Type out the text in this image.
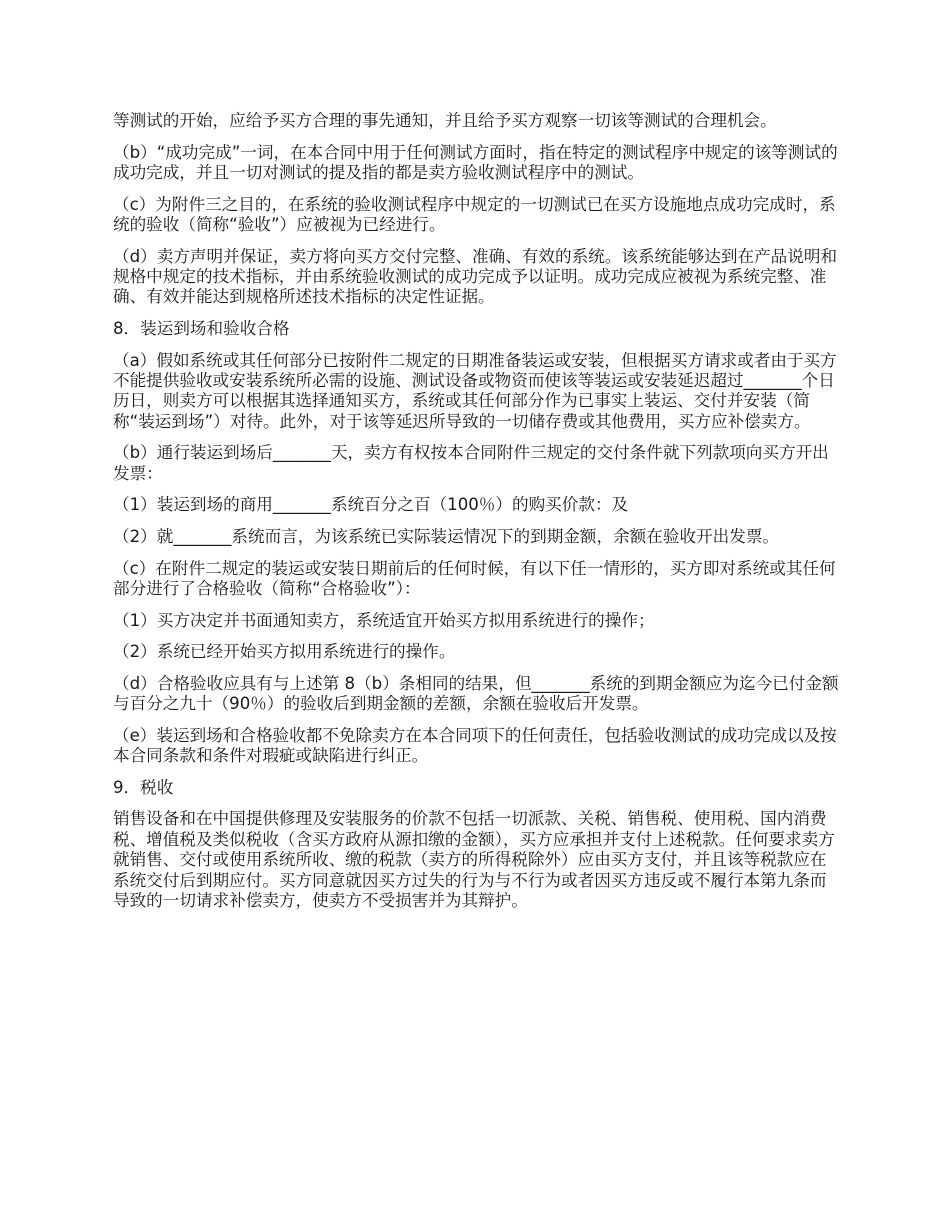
等测试的开始，应给予买方合理的事先通知，并且给予买方观察一切该等测试的合理机会。

（b）“成功完成”一词，在本合同中用于任何测试方面时，指在特定的测试程序中规定的该等测试的成功完成，并且一切对测试的提及指的都是卖方验收测试程序中的测试。

（c）为附件三之目的，在系统的验收测试程序中规定的一切测试已在买方设施地点成功完成时，系统的验收（简称“验收”）应被视为已经进行。

（d）卖方声明并保证，卖方将向买方交付完整、准确、有效的系统。该系统能够达到在产品说明和规格中规定的技术指标，并由系统验收测试的成功完成予以证明。成功完成应被视为系统完整、准确、有效并能达到规格所述技术指标的决定性证据。

8．装运到场和验收合格

（a）假如系统或其任何部分已按附件二规定的日期准备装运或安装，但根据买方请求或者由于买方不能提供验收或安装系统所必需的设施、测试设备或物资而使该等装运或安装延迟超过_______个日历日，则卖方可以根据其选择通知买方，系统或其任何部分作为已事实上装运、交付并安装（简称“装运到场”）对待。此外，对于该等延迟所导致的一切储存费或其他费用，买方应补偿卖方。

（b）通行装运到场后_______天，卖方有权按本合同附件三规定的交付条件就下列款项向买方开出发票：

（1）装运到场的商用_______系统百分之百（100％）的购买价款：及

（2）就_______系统而言，为该系统已实际装运情况下的到期金额，余额在验收开出发票。

（c）在附件二规定的装运或安装日期前后的任何时候，有以下任一情形的，买方即对系统或其任何部分进行了合格验收（简称“合格验收”）：

（1）买方决定并书面通知卖方，系统适宜开始买方拟用系统进行的操作；

（2）系统已经开始买方拟用系统进行的操作。

（d）合格验收应具有与上述第 8（b）条相同的结果，但_______系统的到期金额应为迄今已付金额与百分之九十（90％）的验收后到期金额的差额，余额在验收后开发票。

（e）装运到场和合格验收都不免除卖方在本合同项下的任何责任，包括验收测试的成功完成以及按本合同条款和条件对瑕疵或缺陷进行纠正。

9．税收

销售设备和在中国提供修理及安装服务的价款不包括一切派款、关税、销售税、使用税、国内消费税、增值税及类似税收（含买方政府从源扣缴的金额），买方应承担并支付上述税款。任何要求卖方就销售、交付或使用系统所收、缴的税款（卖方的所得税除外）应由买方支付，并且该等税款应在系统交付后到期应付。买方同意就因买方过失的行为与不行为或者因买方违反或不履行本第九条而导致的一切请求补偿卖方，使卖方不受损害并为其辩护。
